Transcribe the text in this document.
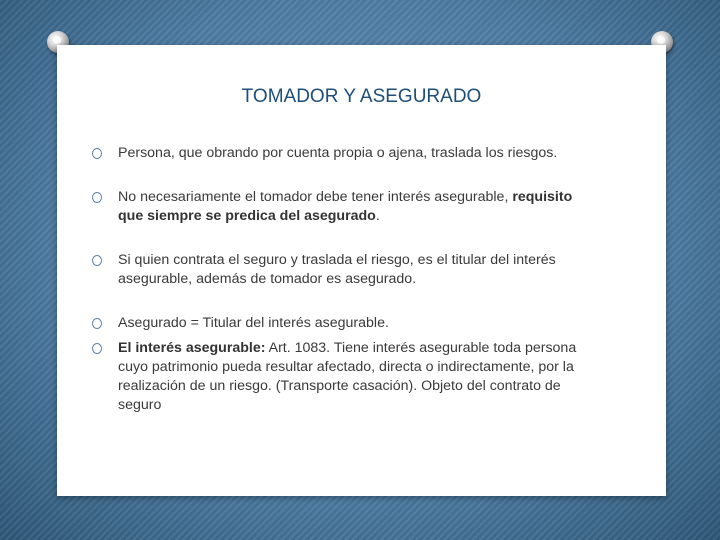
TOMADOR Y ASEGURADO
Persona, que obrando por cuenta propia o ajena, traslada los riesgos.
No necesariamente el tomador debe tener interés asegurable, requisito que siempre se predica del asegurado.
Si quien contrata el seguro y traslada el riesgo, es el titular del interés asegurable, además de tomador es asegurado.
Asegurado = Titular del interés asegurable.
El interés asegurable: Art. 1083. Tiene interés asegurable toda persona cuyo patrimonio pueda resultar afectado, directa o indirectamente, por la realización de un riesgo. (Transporte casación). Objeto del contrato de seguro
